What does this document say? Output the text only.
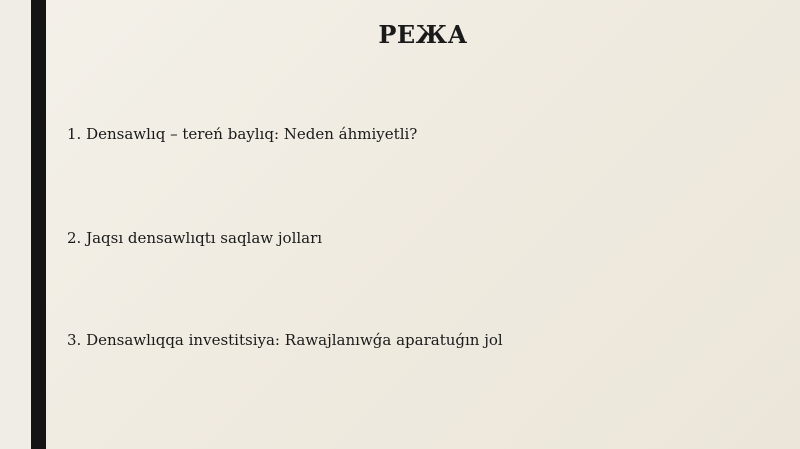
РЕЖА
1. Densawlıq – tereń baylıq: Neden áhmiyetli?
2. Jaqsı densawlıqtı saqlaw jolları
3. Densawlıqqa investitsiya: Rawajlanıwǵa aparatuǵın jol
